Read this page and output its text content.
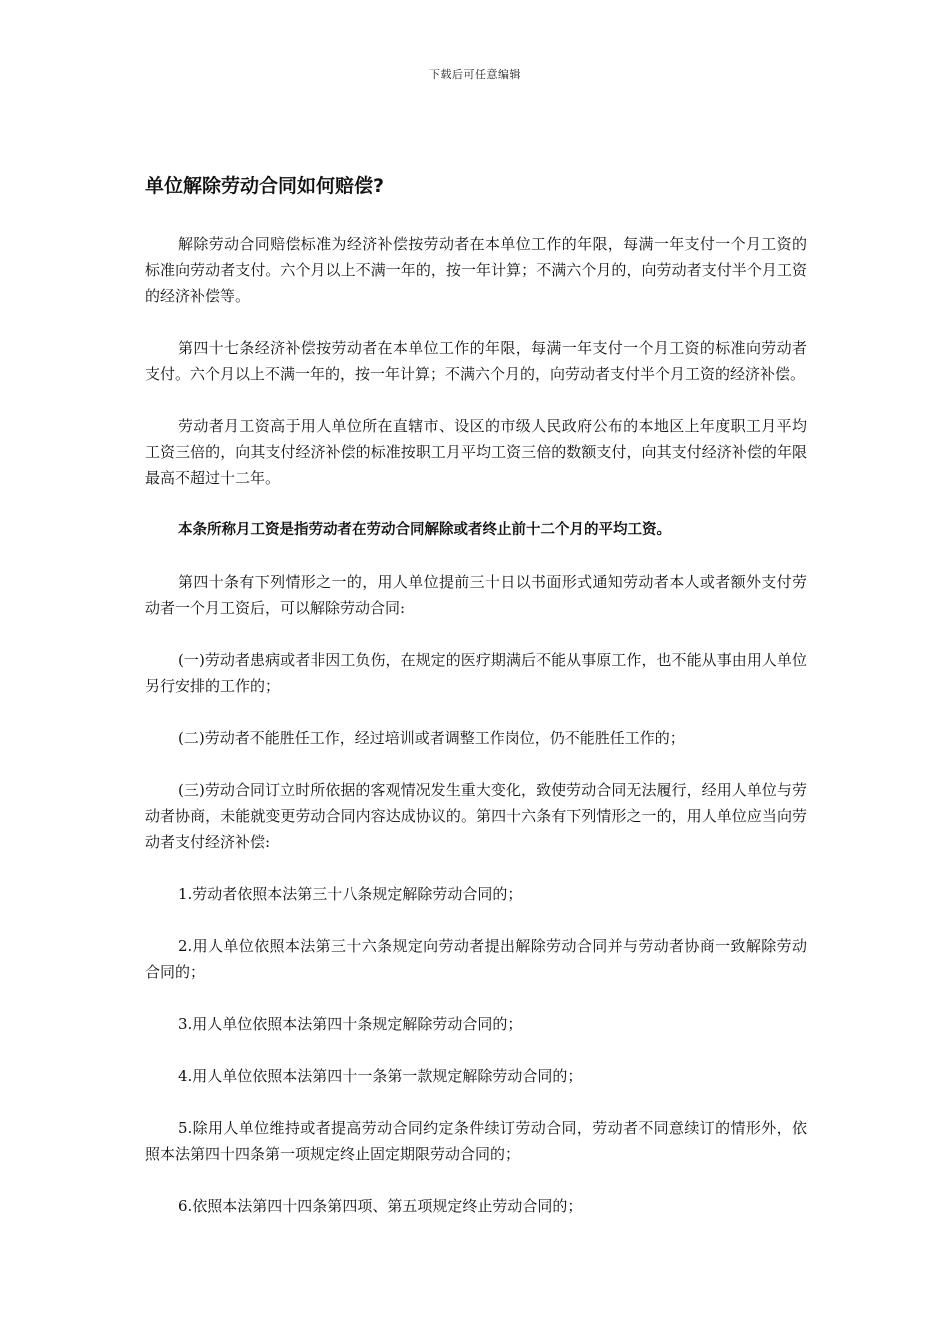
下载后可任意编辑
单位解除劳动合同如何赔偿?

解除劳动合同赔偿标准为经济补偿按劳动者在本单位工作的年限，每满一年支付一个月工资的标准向劳动者支付。六个月以上不满一年的，按一年计算；不满六个月的，向劳动者支付半个月工资的经济补偿等。

第四十七条经济补偿按劳动者在本单位工作的年限，每满一年支付一个月工资的标准向劳动者支付。六个月以上不满一年的，按一年计算；不满六个月的，向劳动者支付半个月工资的经济补偿。

劳动者月工资高于用人单位所在直辖市、设区的市级人民政府公布的本地区上年度职工月平均工资三倍的，向其支付经济补偿的标准按职工月平均工资三倍的数额支付，向其支付经济补偿的年限最高不超过十二年。

本条所称月工资是指劳动者在劳动合同解除或者终止前十二个月的平均工资。

第四十条有下列情形之一的，用人单位提前三十日以书面形式通知劳动者本人或者额外支付劳动者一个月工资后，可以解除劳动合同:

(一)劳动者患病或者非因工负伤，在规定的医疗期满后不能从事原工作，也不能从事由用人单位另行安排的工作的；

(二)劳动者不能胜任工作，经过培训或者调整工作岗位，仍不能胜任工作的；

(三)劳动合同订立时所依据的客观情况发生重大变化，致使劳动合同无法履行，经用人单位与劳动者协商，未能就变更劳动合同内容达成协议的。第四十六条有下列情形之一的，用人单位应当向劳动者支付经济补偿:

1.劳动者依照本法第三十八条规定解除劳动合同的；

2.用人单位依照本法第三十六条规定向劳动者提出解除劳动合同并与劳动者协商一致解除劳动合同的；

3.用人单位依照本法第四十条规定解除劳动合同的；

4.用人单位依照本法第四十一条第一款规定解除劳动合同的；

5.除用人单位维持或者提高劳动合同约定条件续订劳动合同，劳动者不同意续订的情形外，依照本法第四十四条第一项规定终止固定期限劳动合同的；

6.依照本法第四十四条第四项、第五项规定终止劳动合同的；
